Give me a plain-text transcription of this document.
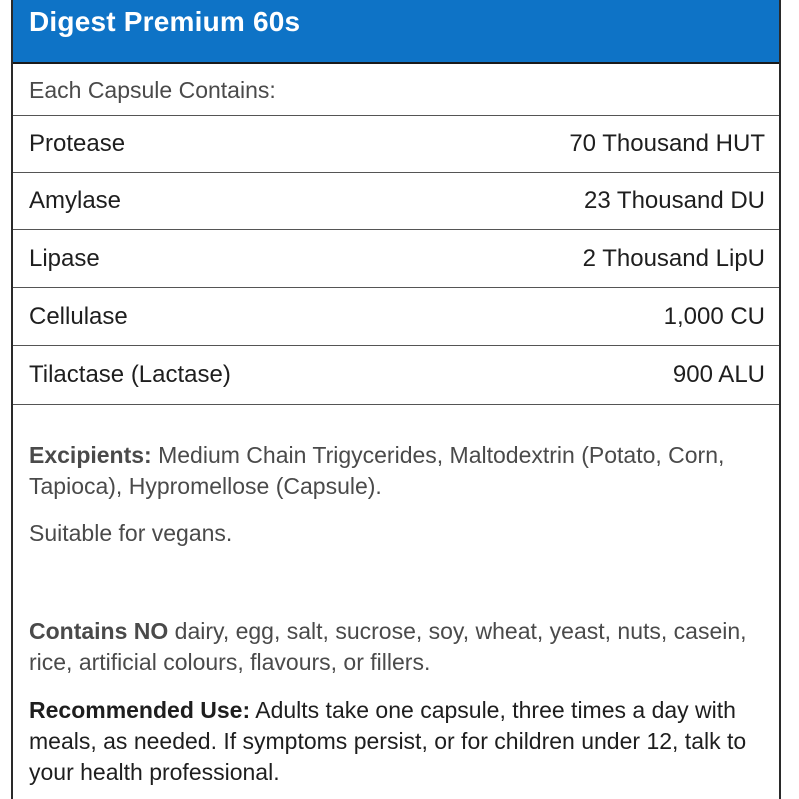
Digest Premium 60s
Each Capsule Contains:
Protease	70 Thousand HUT
Amylase	23 Thousand DU
Lipase	2 Thousand LipU
Cellulase	1,000 CU
Tilactase (Lactase)	900 ALU
Excipients: Medium Chain Trigycerides, Maltodextrin (Potato, Corn, Tapioca), Hypromellose (Capsule).
Suitable for vegans.
Contains NO dairy, egg, salt, sucrose, soy, wheat, yeast, nuts, casein, rice, artificial colours, flavours, or fillers.
Recommended Use: Adults take one capsule, three times a day with meals, as needed. If symptoms persist, or for children under 12, talk to your health professional.
